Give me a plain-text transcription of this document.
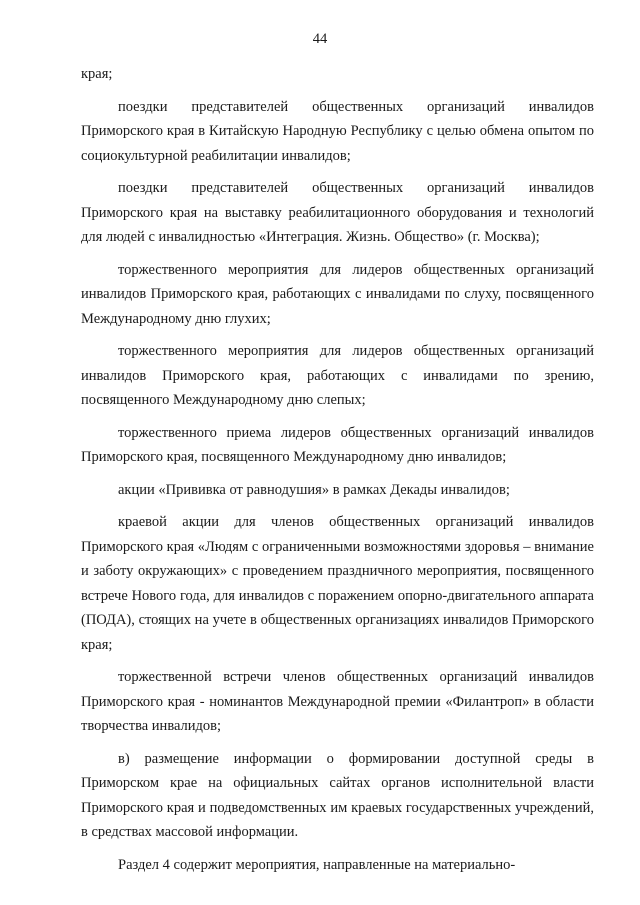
44

края;

поездки представителей общественных организаций инвалидов Приморского края в Китайскую Народную Республику с целью обмена опытом по социокультурной реабилитации инвалидов;

поездки представителей общественных организаций инвалидов Приморского края на выставку реабилитационного оборудования и технологий для людей с инвалидностью «Интеграция. Жизнь. Общество» (г. Москва);

торжественного мероприятия для лидеров общественных организаций инвалидов Приморского края, работающих с инвалидами по слуху, посвященного Международному дню глухих;

торжественного мероприятия для лидеров общественных организаций инвалидов Приморского края, работающих с инвалидами по зрению, посвященного Международному дню слепых;

торжественного приема лидеров общественных организаций инвалидов Приморского края, посвященного Международному дню инвалидов;

акции «Прививка от равнодушия» в рамках Декады инвалидов;

краевой акции для членов общественных организаций инвалидов Приморского края «Людям с ограниченными возможностями здоровья – внимание и заботу окружающих» с проведением праздничного мероприятия, посвященного встрече Нового года, для инвалидов с поражением опорно-двигательного аппарата (ПОДА), стоящих на учете в общественных организациях инвалидов Приморского края;

торжественной встречи членов общественных организаций инвалидов Приморского края - номинантов Международной премии «Филантроп» в области творчества инвалидов;

в) размещение информации о формировании доступной среды в Приморском крае на официальных сайтах органов исполнительной власти Приморского края и подведомственных им краевых государственных учреждений, в средствах массовой информации.

Раздел 4 содержит мероприятия, направленные на материально-
